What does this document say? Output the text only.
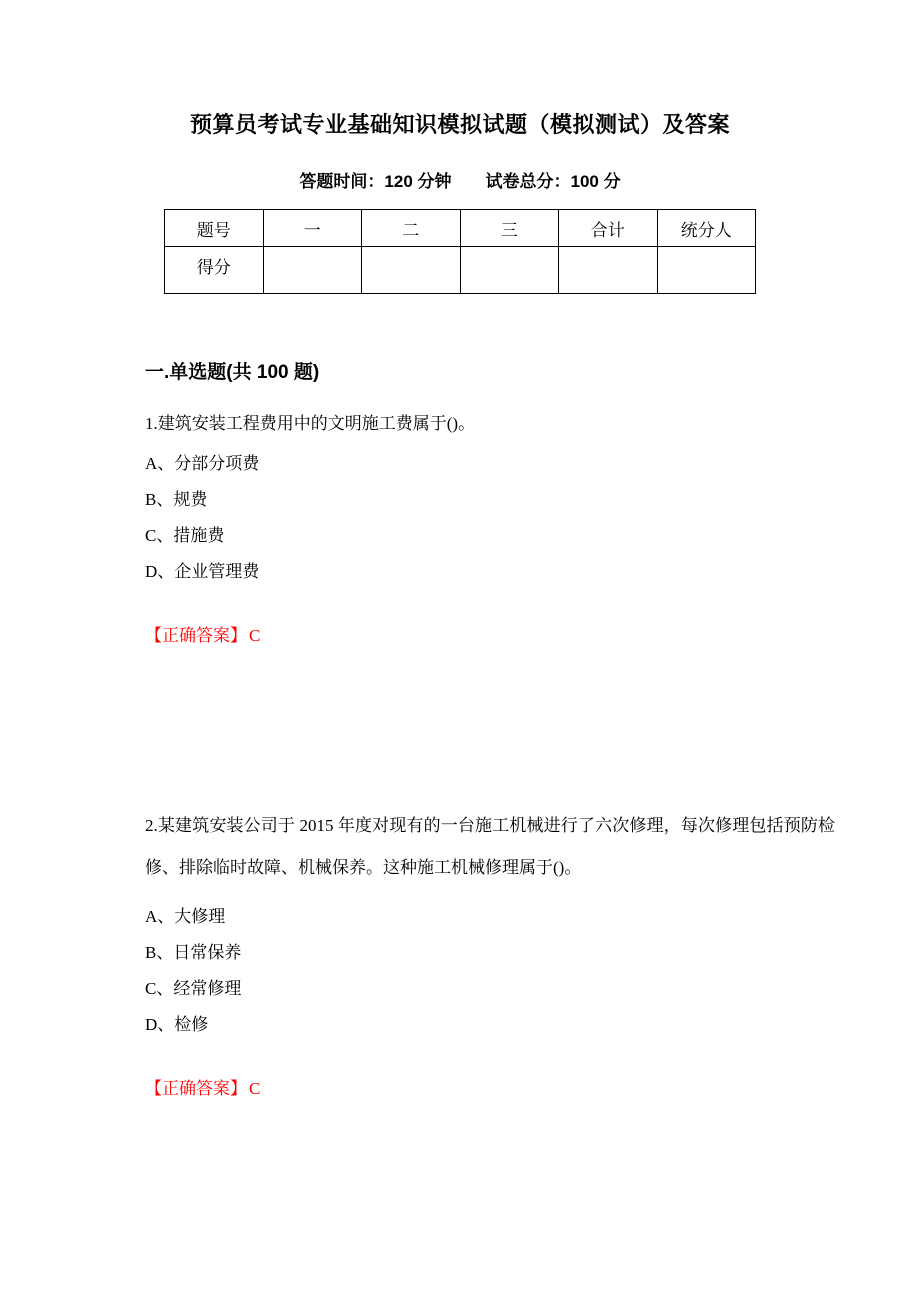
预算员考试专业基础知识模拟试题（模拟测试）及答案
答题时间：120 分钟 试卷总分：100 分
题号	一	二	三	合计	统分人
得分					
一.单选题(共 100 题)

1.建筑安装工程费用中的文明施工费属于()。

A、分部分项费

B、规费

C、措施费

D、企业管理费

【正确答案】 C

2.某建筑安装公司于 2015 年度对现有的一台施工机械进行了六次修理，每次修理包括预防检修、排除临时故障、机械保养。这种施工机械修理属于()。

A、大修理

B、日常保养

C、经常修理

D、检修

【正确答案】 C
